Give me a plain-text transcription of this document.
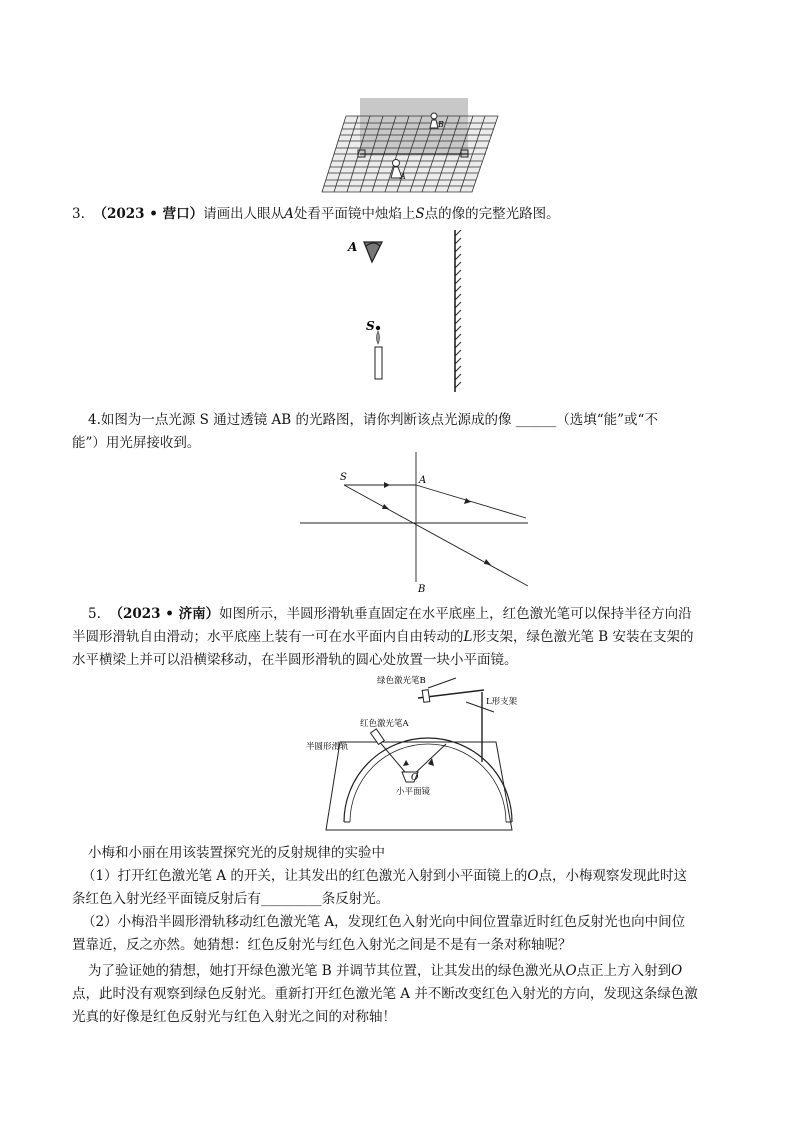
B
A
3. （2023 • 营口）请画出人眼从A处看平面镜中烛焰上S点的像的完整光路图。
A
S
4.如图为一点光源 S 通过透镜 AB 的光路图，请你判断该点光源成的像 ______（选填“能”或“不
能”）用光屏接收到。
S	A
B
5. （2023 • 济南）如图所示，半圆形滑轨垂直固定在水平底座上，红色激光笔可以保持半径方向沿
半圆形滑轨自由滑动；水平底座上装有一可在水平面内自由转动的L形支架，绿色激光笔 B 安装在支架的
水平横梁上并可以沿横梁移动，在半圆形滑轨的圆心处放置一块小平面镜。
绿色激光笔B
L形支架
红色激光笔A
半圆形滑轨
O
小平面镜
小梅和小丽在用该装置探究光的反射规律的实验中
（1）打开红色激光笔 A 的开关，让其发出的红色激光入射到小平面镜上的O点，小梅观察发现此时这
条红色入射光经平面镜反射后有_________条反射光。
（2）小梅沿半圆形滑轨移动红色激光笔 A，发现红色入射光向中间位置靠近时红色反射光也向中间位
置靠近，反之亦然。她猜想：红色反射光与红色入射光之间是不是有一条对称轴呢？
为了验证她的猜想，她打开绿色激光笔 B 并调节其位置，让其发出的绿色激光从O点正上方入射到O
点，此时没有观察到绿色反射光。重新打开红色激光笔 A 并不断改变红色入射光的方向，发现这条绿色激
光真的好像是红色反射光与红色入射光之间的对称轴！
